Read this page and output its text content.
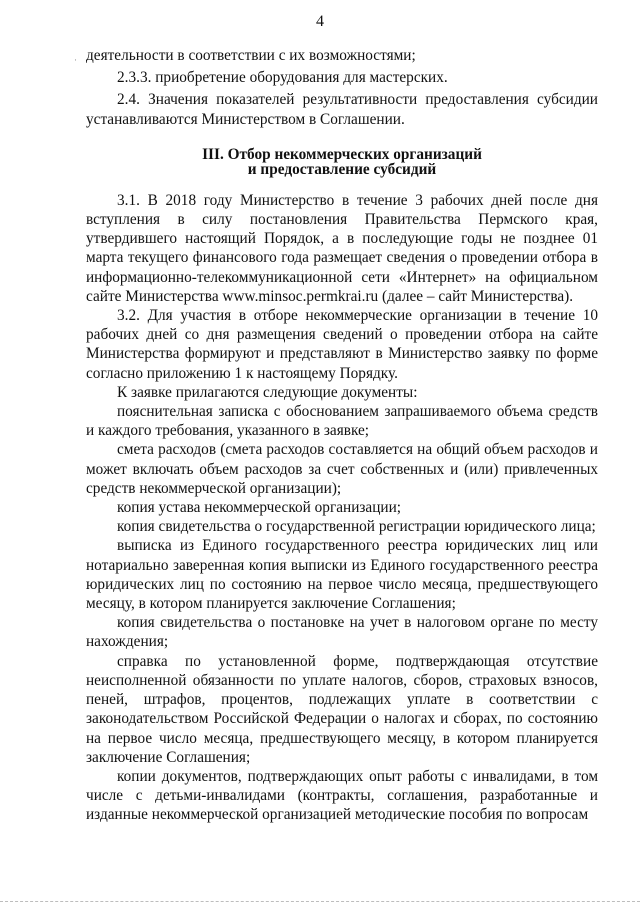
4
· деятельности в соответствии с их возможностями;

2.3.3. приобретение оборудования для мастерских.

2.4. Значения показателей результативности предоставления субсидии устанавливаются Министерством в Соглашении.

III. Отбор некоммерческих организаций
и предоставление субсидий

3.1. В 2018 году Министерство в течение 3 рабочих дней после дня вступления в силу постановления Правительства Пермского края, утвердившего настоящий Порядок, а в последующие годы не позднее 01 марта текущего финансового года размещает сведения о проведении отбора в информационно-телекоммуникационной сети «Интернет» на официальном сайте Министерства www.minsoc.permkrai.ru (далее – сайт Министерства).

3.2. Для участия в отборе некоммерческие организации в течение 10 рабочих дней со дня размещения сведений о проведении отбора на сайте Министерства формируют и представляют в Министерство заявку по форме согласно приложению 1 к настоящему Порядку.

К заявке прилагаются следующие документы:

пояснительная записка с обоснованием запрашиваемого объема средств и каждого требования, указанного в заявке;

смета расходов (смета расходов составляется на общий объем расходов и может включать объем расходов за счет собственных и (или) привлеченных средств некоммерческой организации);

копия устава некоммерческой организации;

копия свидетельства о государственной регистрации юридического лица;

выписка из Единого государственного реестра юридических лиц или нотариально заверенная копия выписки из Единого государственного реестра юридических лиц по состоянию на первое число месяца, предшествующего месяцу, в котором планируется заключение Соглашения;

копия свидетельства о постановке на учет в налоговом органе по месту нахождения;

справка по установленной форме, подтверждающая отсутствие неисполненной обязанности по уплате налогов, сборов, страховых взносов, пеней, штрафов, процентов, подлежащих уплате в соответствии с законодательством Российской Федерации о налогах и сборах, по состоянию на первое число месяца, предшествующего месяцу, в котором планируется заключение Соглашения;

копии документов, подтверждающих опыт работы с инвалидами, в том числе с детьми-инвалидами (контракты, соглашения, разработанные и изданные некоммерческой организацией методические пособия по вопросам
